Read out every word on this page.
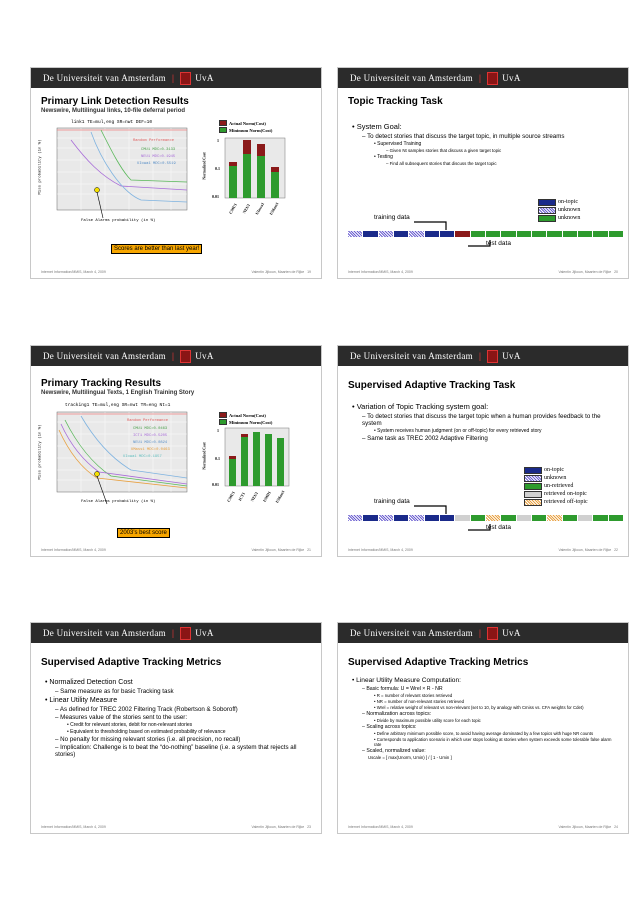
De Universiteit van Amsterdam | UvA
Primary Link Detection Results
Newswire, Multilingual links, 10-file deferral period
link1 TE=mul,eng SR=nwt DEF=10
Random Performance
CMU1 MDC=0.3133
NEU1 MDC=0.1945
UIowa1 MDC=0.5519
False Alarms probability (in %)
Miss probability (in %)
Actual Norm(Cost)
Minimum Norm(Cost)
1
0.1
0.01
Normalized Cost
CMU1 NEU1 UIowa1 UMass1
Scores are better than last year!
Internet Information/MMIS, March 4, 2009	Valentin Jijkoun, Maarten de Rijke 19
De Universiteit van Amsterdam | UvA
Topic Tracking Task
• System Goal:
– To detect stories that discuss the target topic, in multiple source streams
• Supervised Training
– Given Nt samples stories that discuss a given target topic
• Testing
– Find all subsequent stories that discuss the target topic
on-topic
unknown
unknown
training data
test data
Internet Information/MMIS, March 4, 2009	Valentin Jijkoun, Maarten de Rijke 20
De Universiteit van Amsterdam | UvA
Primary Tracking Results
Newswire, Multilingual Texts, 1 English Training Story
tracking1 TE=mul,eng SR=nwt TR=eng Nt=1
Random Performance
CMU1 MDC=0.0463
ICT1 MDC=0.5205
NEU1 MDC=0.0824
UMass1 MDC=0.0463
UIowa1 MDC=0.1957
False Alarms probability (in %)
Miss probability (in %)
Actual Norm(Cost)
Minimum Norm(Cost)
1
0.1
0.01
Normalized Cost
CMU1 ICT1 NEU1 UMD1 UMass1
2003's best score
Internet Information/MMIS, March 4, 2009	Valentin Jijkoun, Maarten de Rijke 21
De Universiteit van Amsterdam | UvA
Supervised Adaptive Tracking Task
• Variation of Topic Tracking system goal:
– To detect stories that discuss the target topic when a human provides feedback to the system
• System receives human judgment (on or off-topic) for every retrieved story
– Same task as TREC 2002 Adaptive Filtering
on-topic
unknown
un-retrieved
retrieved on-topic
retrieved off-topic
training data
test data
Internet Information/MMIS, March 4, 2009	Valentin Jijkoun, Maarten de Rijke 22
De Universiteit van Amsterdam | UvA
Supervised Adaptive Tracking Metrics
• Normalized Detection Cost
– Same measure as for basic Tracking task
• Linear Utility Measure
– As defined for TREC 2002 Filtering Track (Robertson & Soboroff)
– Measures value of the stories sent to the user:
• Credit for relevant stories, debit for non-relevant stories
• Equivalent to thresholding based on estimated probability of relevance
– No penalty for missing relevant stories (i.e. all precision, no recall)
– Implication: Challenge is to beat the “do-nothing” baseline (i.e. a system that rejects all stories)
Internet Information/MMIS, March 4, 2009	Valentin Jijkoun, Maarten de Rijke 23
De Universiteit van Amsterdam | UvA
Supervised Adaptive Tracking Metrics
• Linear Utility Measure Computation:
– Basic formula: U = Wrel × R - NR
• R = number of relevant stories retrieved
• NR = number of non-relevant stories retrieved
• Wrel = relative weight of relevant vs non-relevant (set to 10, by analogy with Cmiss vs. CFA weights for Cdet)
– Normalization across topics:
• Divide by maximum possible utility score for each topic
– Scaling across topics:
• Define arbitrary minimum possible score, to avoid having average dominated by a few topics with huge NR counts
• Corresponds to application scenario in which user stops looking at stories when system exceeds some tolerable false alarm rate
– Scaled, normalized value:
Uscale = [ max(Unorm, Umin) ] / [ 1 - Umin ]
Internet Information/MMIS, March 4, 2009	Valentin Jijkoun, Maarten de Rijke 24
